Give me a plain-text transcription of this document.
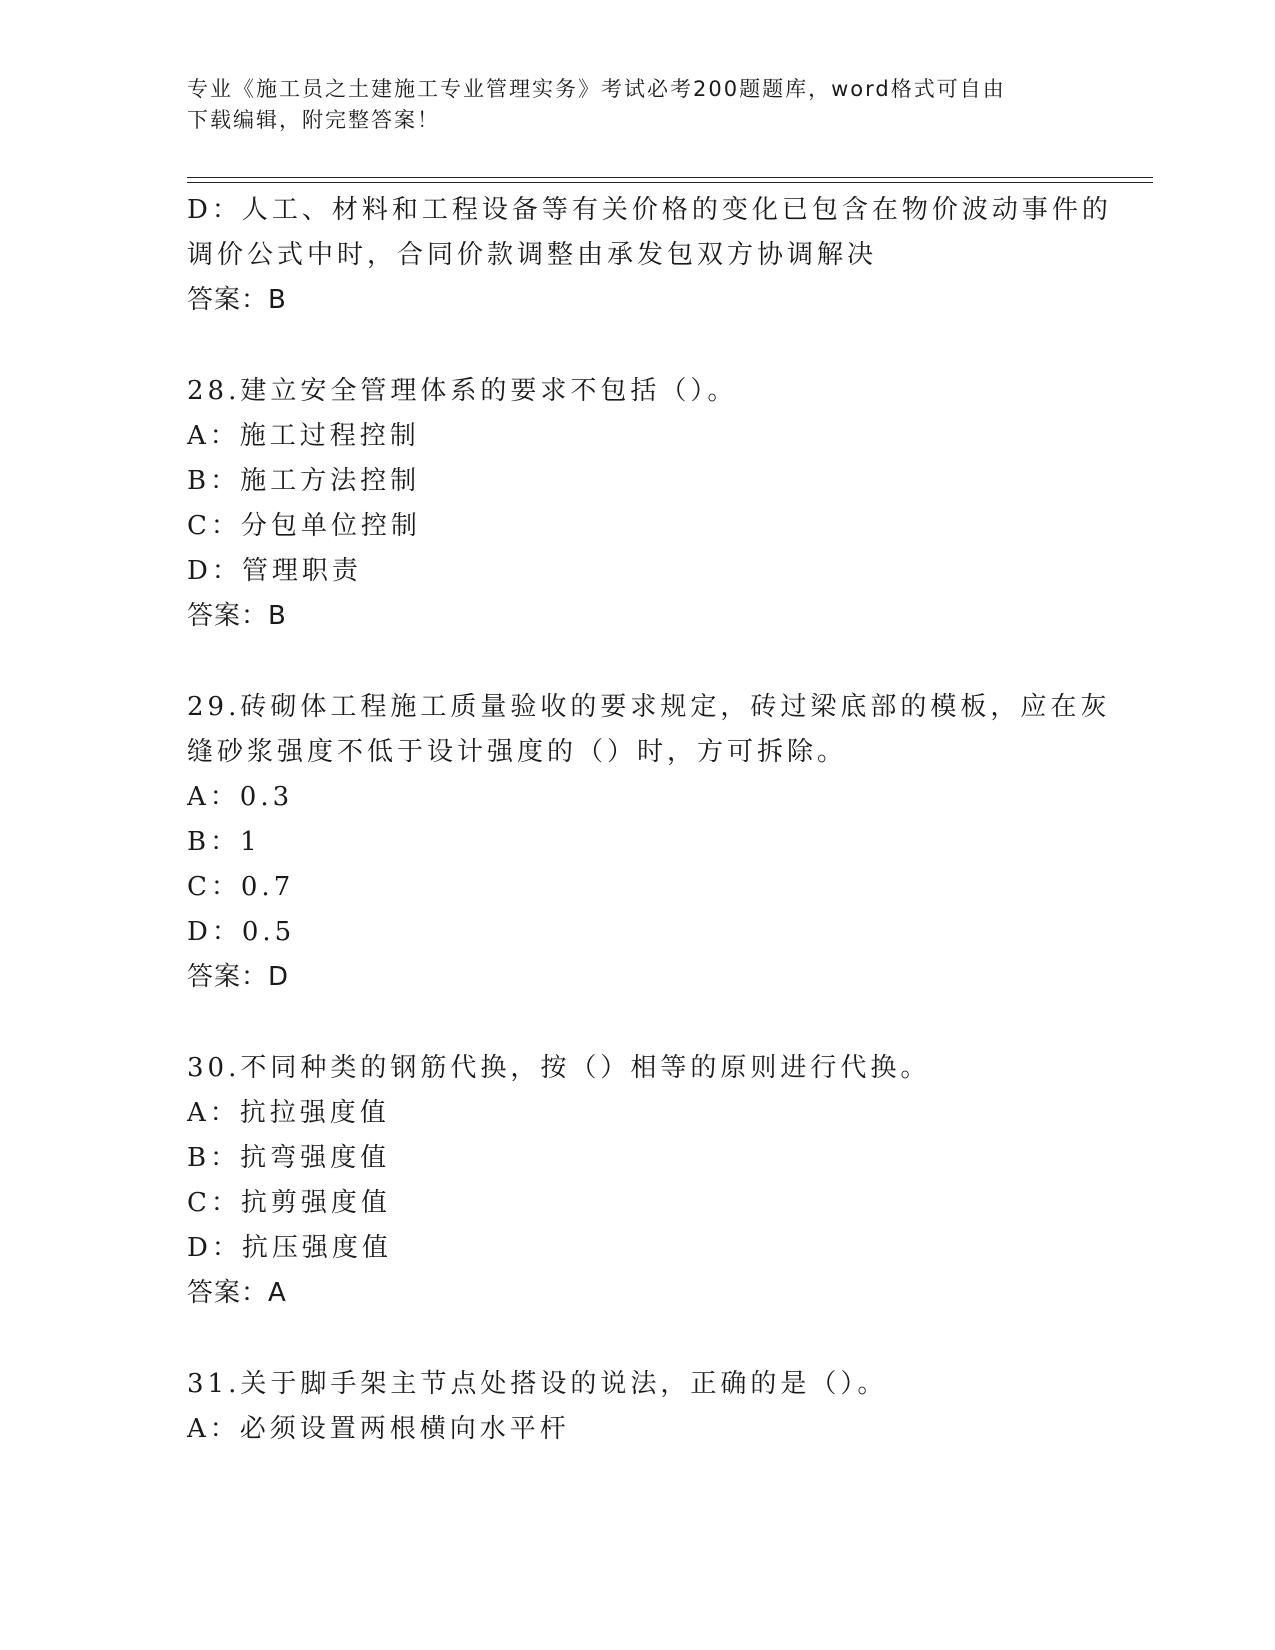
专业《施工员之土建施工专业管理实务》考试必考200题题库，word格式可自由
下载编辑，附完整答案！
D：人工、材料和工程设备等有关价格的变化已包含在物价波动事件的
调价公式中时，合同价款调整由承发包双方协调解决
答案：B
28.建立安全管理体系的要求不包括（）。
A：施工过程控制
B：施工方法控制
C：分包单位控制
D：管理职责
答案：B
29.砖砌体工程施工质量验收的要求规定，砖过梁底部的模板，应在灰
缝砂浆强度不低于设计强度的（）时，方可拆除。
A：0.3
B：1
C：0.7
D：0.5
答案：D
30.不同种类的钢筋代换，按（）相等的原则进行代换。
A：抗拉强度值
B：抗弯强度值
C：抗剪强度值
D：抗压强度值
答案：A
31.关于脚手架主节点处搭设的说法，正确的是（）。
A：必须设置两根横向水平杆
